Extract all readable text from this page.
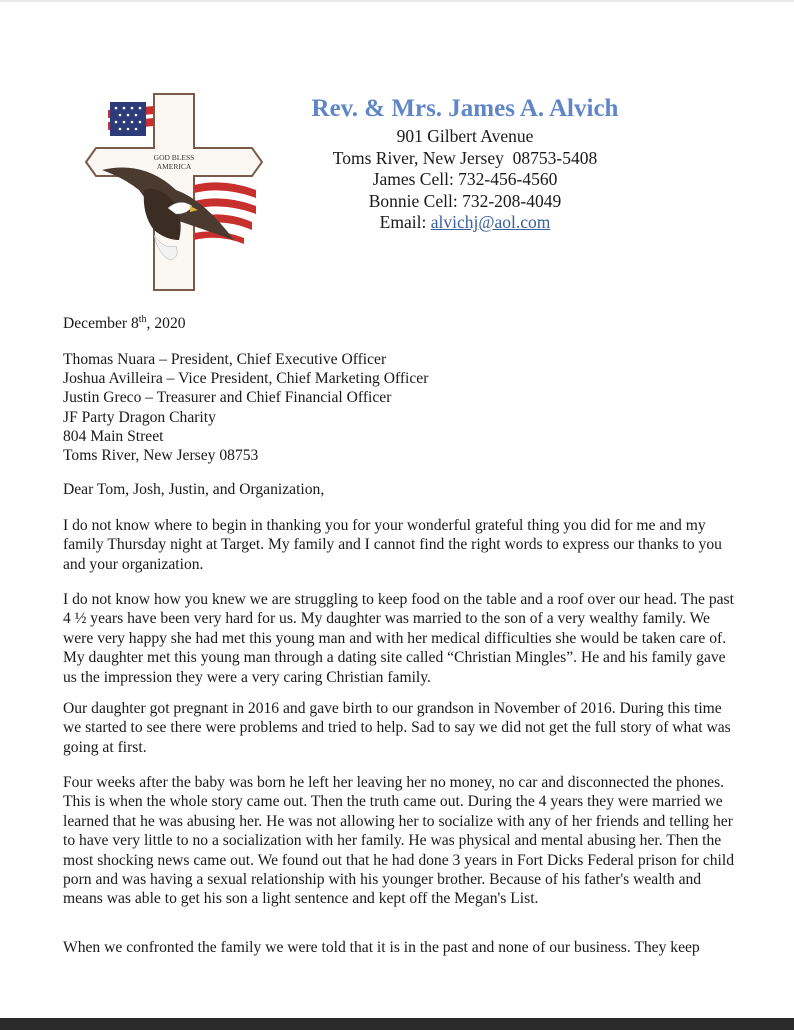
GOD BLESS
AMERICA
Rev. & Mrs. James A. Alvich
901 Gilbert Avenue
Toms River, New Jersey  08753-5408
James Cell: 732-456-4560
Bonnie Cell: 732-208-4049
Email: alvichj@aol.com
December 8th, 2020

Thomas Nuara – President, Chief Executive Officer

Joshua Avilleira – Vice President, Chief Marketing Officer

Justin Greco – Treasurer and Chief Financial Officer

JF Party Dragon Charity

804 Main Street

Toms River, New Jersey 08753

Dear Tom, Josh, Justin, and Organization,

I do not know where to begin in thanking you for your wonderful grateful thing you did for me and my family Thursday night at Target. My family and I cannot find the right words to express our thanks to you and your organization.

I do not know how you knew we are struggling to keep food on the table and a roof over our head. The past 4 ½ years have been very hard for us. My daughter was married to the son of a very wealthy family. We were very happy she had met this young man and with her medical difficulties she would be taken care of. My daughter met this young man through a dating site called “Christian Mingles”. He and his family gave us the impression they were a very caring Christian family.

Our daughter got pregnant in 2016 and gave birth to our grandson in November of 2016. During this time we started to see there were problems and tried to help. Sad to say we did not get the full story of what was going at first.

Four weeks after the baby was born he left her leaving her no money, no car and disconnected the phones. This is when the whole story came out. Then the truth came out. During the 4 years they were married we learned that he was abusing her. He was not allowing her to socialize with any of her friends and telling her to have very little to no a socialization with her family. He was physical and mental abusing her. Then the most shocking news came out. We found out that he had done 3 years in Fort Dicks Federal prison for child porn and was having a sexual relationship with his younger brother. Because of his father's wealth and means was able to get his son a light sentence and kept off the Megan's List.

When we confronted the family we were told that it is in the past and none of our business. They keep
